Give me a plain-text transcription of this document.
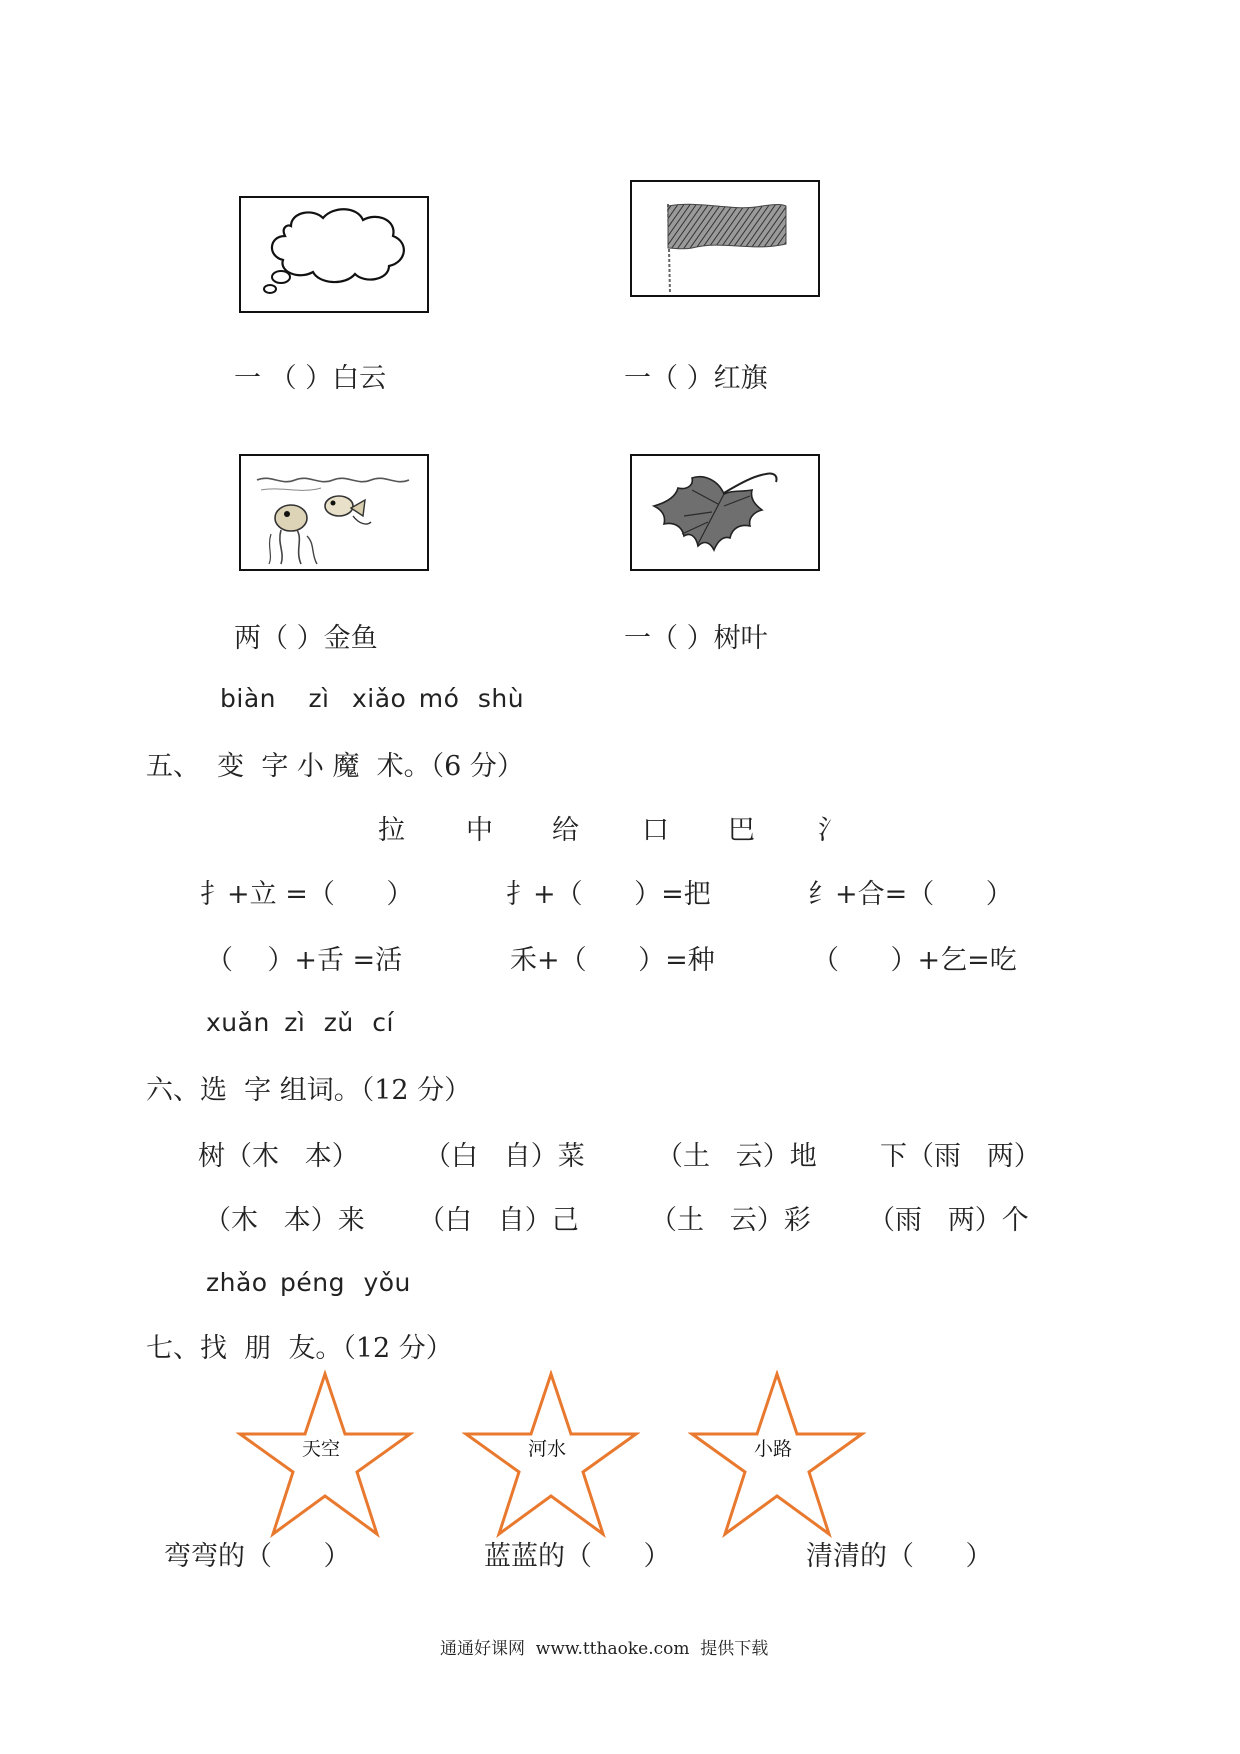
一 （ ）白云	一（ ）红旗
两（ ）金鱼	一（ ）树叶
biàn zì xiǎo mó shù
五、  变  字 小 魔  术。（6 分）
拉 中 给 口 巴 氵
扌+立 =（      ）	扌+（      ）=把	纟+合=（      ）
（    ）+舌 =活	禾+（      ）=种	（      ）+乞=吃
xuǎn zì zǔ cí
六、选  字 组词。（12 分）
树（木   本） （白   自）菜	（土   云）地 下（雨   两）
（木   本）来 （白   自）己	（土   云）彩 （雨   两）个
zhǎo péng yǒu
七、找  朋  友。（12 分）
天空	河水	小路
弯弯的（      ）	蓝蓝的（      ）	清清的（      ）
通通好课网  www.tthaoke.com  提供下载
